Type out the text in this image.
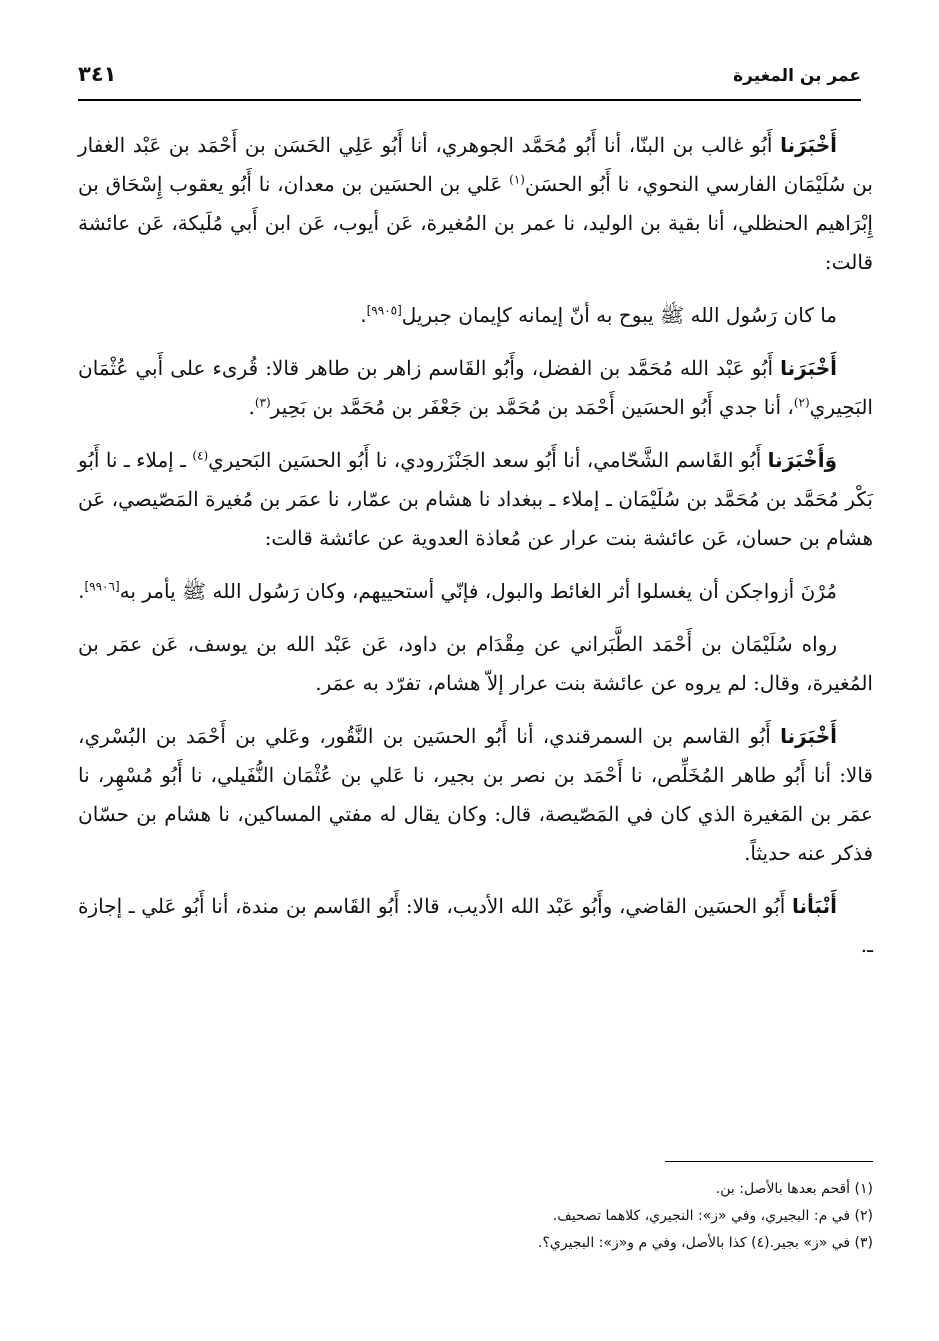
عمر بن المغيرة
٣٤١

أَخْبَرَنا أَبُو غالب بن البنّا، أنا أَبُو مُحَمَّد الجوهري، أنا أَبُو عَلِي الحَسَن بن أَحْمَد بن عَبْد الغفار بن سُلَيْمَان الفارسي النحوي، نا أَبُو الحسَن$^{(١)}$ عَلي بن الحسَين بن معدان، نا أَبُو يعقوب إِسْحَاق بن إِبْرَاهيم الحنظلي، أنا بقية بن الوليد، نا عمر بن المُغيرة، عَن أيوب، عَن ابن أَبي مُلَيكة، عَن عائشة قالت:

ما كان رَسُول الله ﷺ يبوح به أنّ إيمانه كإيمان جبريل[٩٩٠٥].

أَخْبَرَنا أَبُو عَبْد الله مُحَمَّد بن الفضل، وأَبُو القَاسم زاهر بن طاهر قالا: قُرىء على أَبي عُثْمَان البَحِيري$^{(٢)}$، أنا جدي أَبُو الحسَين أَحْمَد بن مُحَمَّد بن جَعْفَر بن مُحَمَّد بن بَحِير$^{(٣)}$.

وَأَخْبَرَنا أَبُو القَاسم الشَّحّامي، أنا أَبُو سعد الجَنْزَرودي، نا أَبُو الحسَين البَحيري$^{(٤)}$ ـ إملاء ـ نا أَبُو بَكْر مُحَمَّد بن مُحَمَّد بن سُلَيْمَان ـ إملاء ـ ببغداد نا هشام بن عمّار، نا عمَر بن مُغيرة المَصّيصي، عَن هشام بن حسان، عَن عائشة بنت عرار عن مُعاذة العدوية عن عائشة قالت:

مُرْنَ أزواجكن أن يغسلوا أثر الغائط والبول، فإنّي أستحييهم، وكان رَسُول الله ﷺ يأمر به[٩٩٠٦].

رواه سُلَيْمَان بن أَحْمَد الطَّبَراني عن مِقْدَام بن داود، عَن عَبْد الله بن يوسف، عَن عمَر بن المُغيرة، وقال: لم يروه عن عائشة بنت عرار إلاّ هشام، تفرّد به عمَر.

أَخْبَرَنا أَبُو القاسم بن السمرقندي، أنا أَبُو الحسَين بن النَّقُور، وعَلي بن أَحْمَد بن البُسْري، قالا: أنا أَبُو طاهر المُخَلِّص، نا أَحْمَد بن نصر بن بجير، نا عَلي بن عُثْمَان النُّفَيلي، نا أَبُو مُسْهِر، نا عمَر بن المَغيرة الذي كان في المَصّيصة، قال: وكان يقال له مفتي المساكين، نا هشام بن حسّان فذكر عنه حديثاً.

أَنْبَأنا أَبُو الحسَين القاضي، وأَبُو عَبْد الله الأديب، قالا: أَبُو القَاسم بن مندة، أنا أَبُو عَلي ـ إجازة ـ.

(١) أقحم بعدها بالأصل: بن.
(٢) في م: البجيري، وفي «ز»: النجيري، كلاهما تصحيف.
(٣) في «ز» بجير.
(٤) كذا بالأصل، وفي م و«ز»: البجيري؟.
